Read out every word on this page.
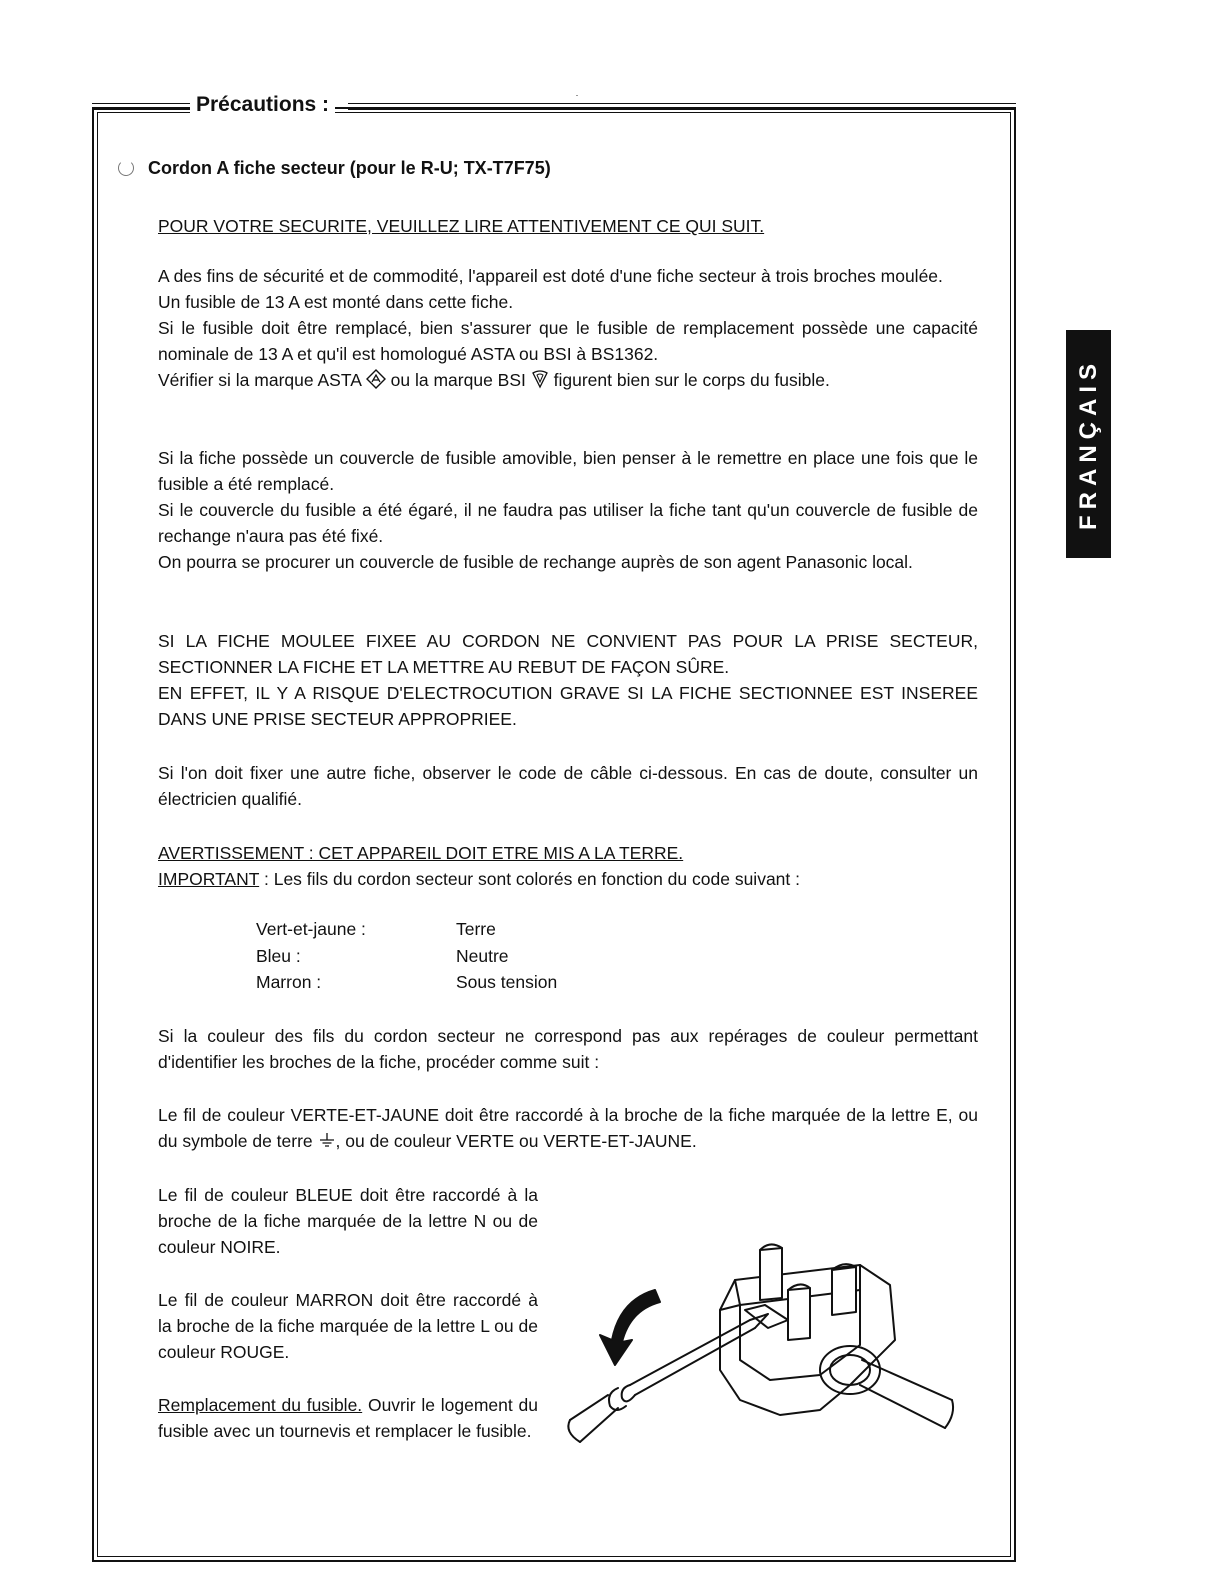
Précautions :
Cordon A fiche secteur (pour le R-U; TX-T7F75)
POUR VOTRE SECURITE, VEUILLEZ LIRE ATTENTIVEMENT CE QUI SUIT.

A des fins de sécurité et de commodité, l'appareil est doté d'une fiche secteur à trois broches moulée.

Un fusible de 13 A est monté dans cette fiche.

Si le fusible doit être remplacé, bien s'assurer que le fusible de remplacement possède une capacité nominale de 13 A et qu'il est homologué ASTA ou BSI à BS1362.

Vérifier si la marque ASTA  ou la marque BSI  figurent bien sur le corps du fusible.

Si la fiche possède un couvercle de fusible amovible, bien penser à le remettre en place une fois que le fusible a été remplacé.

Si le couvercle du fusible a été égaré, il ne faudra pas utiliser la fiche tant qu'un couvercle de fusible de rechange n'aura pas été fixé.

On pourra se procurer un couvercle de fusible de rechange auprès de son agent Panasonic local.

SI LA FICHE MOULEE FIXEE AU CORDON NE CONVIENT PAS POUR LA PRISE SECTEUR, SECTIONNER LA FICHE ET LA METTRE AU REBUT DE FAÇON SÛRE.

EN EFFET, IL Y A RISQUE D'ELECTROCUTION GRAVE SI LA FICHE SECTIONNEE EST INSEREE DANS UNE PRISE SECTEUR APPROPRIEE.

Si l'on doit fixer une autre fiche, observer le code de câble ci-dessous. En cas de doute, consulter un électricien qualifié.

AVERTISSEMENT : CET APPAREIL DOIT ETRE MIS A LA TERRE.

IMPORTANT : Les fils du cordon secteur sont colorés en fonction du code suivant :

Vert-et-jaune :	Terre
Bleu :	Neutre
Marron :	Sous tension

Si la couleur des fils du cordon secteur ne correspond pas aux repérages de couleur permettant d'identifier les broches de la fiche, procéder comme suit :

Le fil de couleur VERTE-ET-JAUNE doit être raccordé à la broche de la fiche marquée de la lettre E, ou du symbole de terre , ou de couleur VERTE ou VERTE-ET-JAUNE.

Le fil de couleur BLEUE doit être raccordé à la broche de la fiche marquée de la lettre N ou de couleur NOIRE.

Le fil de couleur MARRON doit être raccordé à la broche de la fiche marquée de la lettre L ou de couleur ROUGE.

Remplacement du fusible. Ouvrir le logement du fusible avec un tournevis et remplacer le fusible.

FRANÇAIS
